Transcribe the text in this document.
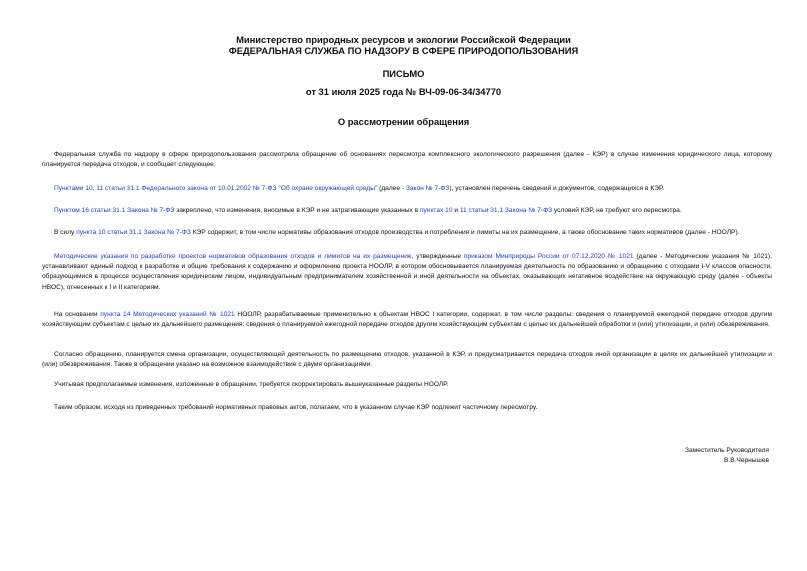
Министерство природных ресурсов и экологии Российской Федерации
ФЕДЕРАЛЬНАЯ СЛУЖБА ПО НАДЗОРУ В СФЕРЕ ПРИРОДОПОЛЬЗОВАНИЯ
ПИСЬМО
от 31 июля 2025 года № ВЧ-09-06-34/34770
О рассмотрении обращения

Федеральная служба по надзору в сфере природопользования рассмотрела обращение об основаниях пересмотра комплексного экологического разрешения (далее - КЭР) в случае изменения юридического лица, которому планируется передача отходов, и сообщает следующее.

Пунктами 10, 11 статьи 31.1 Федерального закона от 10.01.2002 № 7-ФЗ "Об охране окружающей среды" (далее - Закон № 7-ФЗ), установлен перечень сведений и документов, содержащихся в КЭР.

Пунктом 16 статьи 31.1 Закона № 7-ФЗ закреплено, что изменения, вносимые в КЭР и не затрагивающие указанных в пунктах 10 и 11 статьи 31.1 Закона № 7-ФЗ условий КЭР, не требуют его пересмотра.

В силу пункта 10 статьи 31.1 Закона № 7-ФЗ КЭР содержит, в том числе нормативы образования отходов производства и потребления и лимиты на их размещение, а также обоснование таких нормативов (далее - НООЛР).

Методические указания по разработке проектов нормативов образования отходов и лимитов на их размещение, утвержденные приказом Минприроды России от 07.12.2020 № 1021 (далее - Методические указания № 1021), устанавливают единый подход к разработке и общие требования к содержанию и оформлению проекта НООЛР, в котором обосновывается планируемая деятельность по образованию и обращению с отходами I-V классов опасности, образующимися в процессе осуществления юридическим лицом, индивидуальным предпринимателем хозяйственной и иной деятельности на объектах, оказывающих негативное воздействие на окружающую среду (далее - объекты НВОС), отнесенных к I и II категориям.

На основании пункта 14 Методических указаний № 1021 НООЛР, разрабатываемые применительно к объектам НВОС I категории, содержат, в том числе разделы: сведения о планируемой ежегодной передаче отходов другим хозяйствующим субъектам с целью их дальнейшего размещения; сведения о планируемой ежегодной передаче отходов другим хозяйствующим субъектам с целью их дальнейшей обработки и (или) утилизации, и (или) обезвреживания.

Согласно обращению, планируется смена организации, осуществляющей деятельность по размещению отходов, указанной в КЭР, и предусматривается передача отходов иной организации в целях их дальнейшей утилизации и (или) обезвреживания. Также в обращении указано на возможное взаимодействие с двумя организациями.

Учитывая предполагаемые изменения, изложенные в обращении, требуется скорректировать вышеуказанные разделы НООЛР.

Таким образом, исходя из приведенных требований нормативных правовых актов, полагаем, что в указанном случае КЭР подлежит частичному пересмотру.

Заместитель Руководителя
В.В.Чернышев
